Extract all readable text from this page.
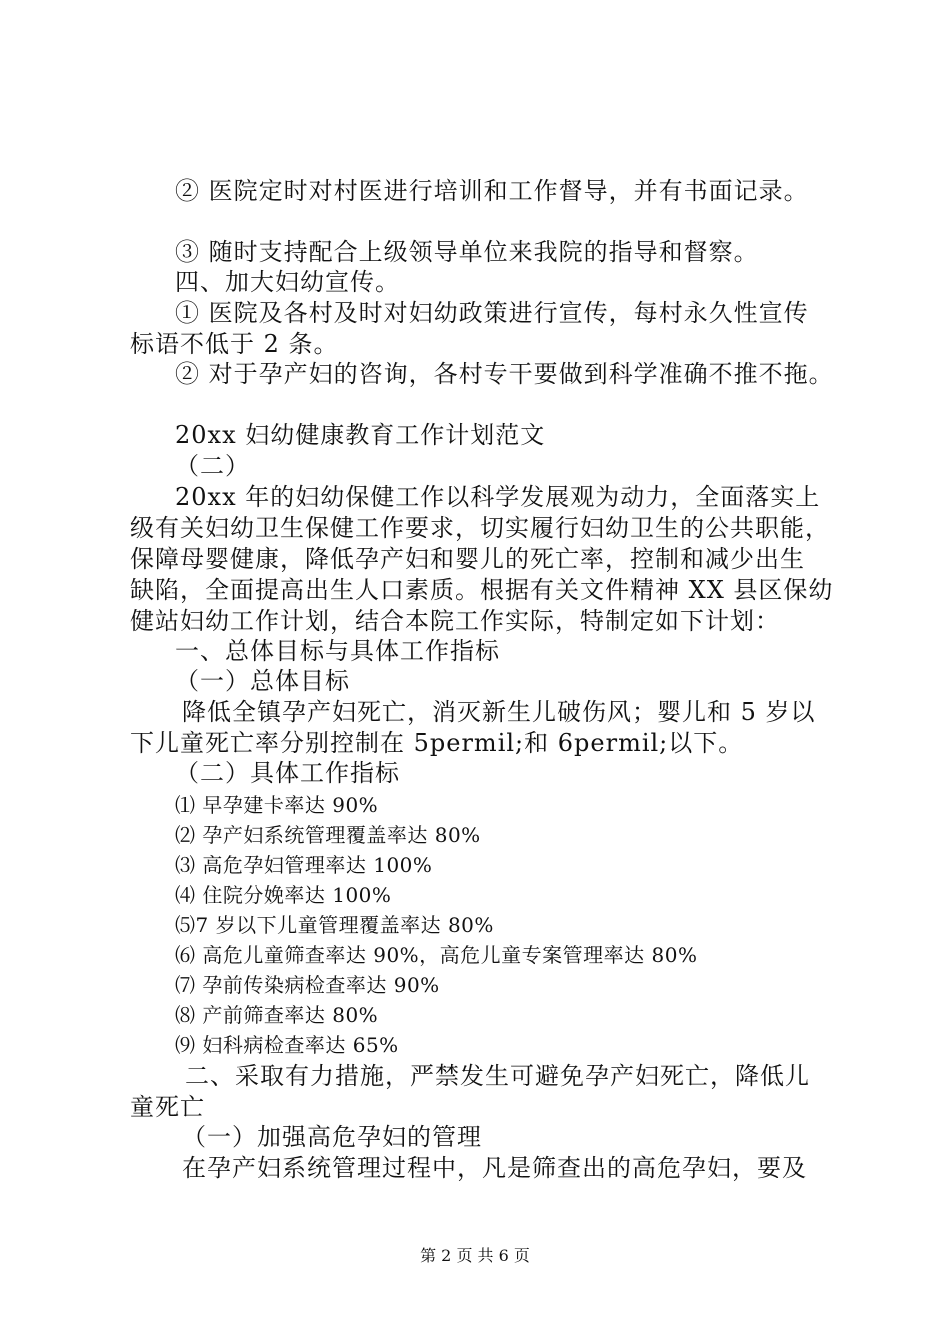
② 医院定时对村医进行培训和工作督导，并有书面记录。
③ 随时支持配合上级领导单位来我院的指导和督察。
四、加大妇幼宣传。
① 医院及各村及时对妇幼政策进行宣传，每村永久性宣传
标语不低于 2 条。
② 对于孕产妇的咨询，各村专干要做到科学准确不推不拖。
20xx 妇幼健康教育工作计划范文
（二）
20xx 年的妇幼保健工作以科学发展观为动力，全面落实上
级有关妇幼卫生保健工作要求，切实履行妇幼卫生的公共职能，
保障母婴健康，降低孕产妇和婴儿的死亡率，控制和减少出生
缺陷，全面提高出生人口素质。根据有关文件精神 XX 县区保幼
健站妇幼工作计划，结合本院工作实际，特制定如下计划：
一、总体目标与具体工作指标
（一）总体目标
降低全镇孕产妇死亡，消灭新生儿破伤风；婴儿和 5 岁以
下儿童死亡率分别控制在 5permil;和 6permil;以下。
（二）具体工作指标
⑴ 早孕建卡率达 90%
⑵ 孕产妇系统管理覆盖率达 80%
⑶ 高危孕妇管理率达 100%
⑷ 住院分娩率达 100%
⑸7 岁以下儿童管理覆盖率达 80%
⑹ 高危儿童筛查率达 90%，高危儿童专案管理率达 80%
⑺ 孕前传染病检查率达 90%
⑻ 产前筛查率达 80%
⑼ 妇科病检查率达 65%
二、采取有力措施，严禁发生可避免孕产妇死亡，降低儿
童死亡
（一）加强高危孕妇的管理
在孕产妇系统管理过程中，凡是筛查出的高危孕妇，要及
第 2 页 共 6 页
